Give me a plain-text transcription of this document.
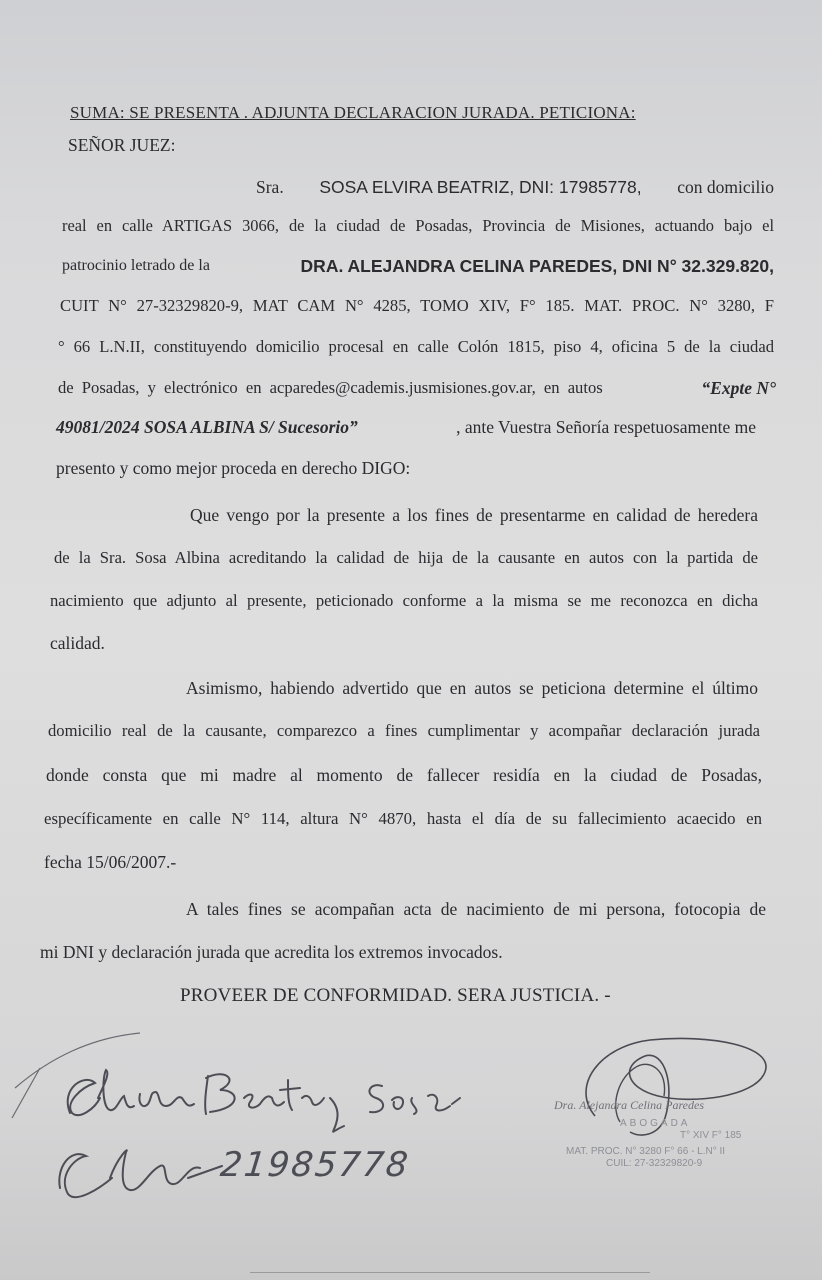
SUMA: SE PRESENTA . ADJUNTA DECLARACION JURADA. PETICIONA:
SEÑOR JUEZ:
Sra. SOSA ELVIRA BEATRIZ, DNI: 17985778, con domicilio
real en calle ARTIGAS 3066, de la ciudad de Posadas, Provincia de Misiones, actuando bajo el
patrocinio letrado de la	DRA. ALEJANDRA CELINA PAREDES, DNI N° 32.329.820,
CUIT N° 27-32329820-9, MAT CAM N° 4285, TOMO XIV, F° 185. MAT. PROC. N° 3280, F
° 66 L.N.II, constituyendo domicilio procesal en calle Colón 1815, piso 4, oficina 5 de la ciudad
de Posadas, y electrónico en acparedes@cademis.jusmisiones.gov.ar, en autos	“Expte N°
49081/2024 SOSA ALBINA S/ Sucesorio”	, ante Vuestra Señoría respetuosamente me
presento y como mejor proceda en derecho DIGO:
Que vengo por la presente a los fines de presentarme en calidad de heredera
de la Sra. Sosa Albina acreditando la calidad de hija de la causante en autos con la partida de
nacimiento que adjunto al presente, peticionado conforme a la misma se me reconozca en dicha
calidad.
Asimismo, habiendo advertido que en autos se peticiona determine el último
domicilio real de la causante, comparezco a fines cumplimentar y acompañar declaración jurada
donde consta que mi madre al momento de fallecer residía en la ciudad de Posadas,
específicamente en calle N° 114, altura N° 4870, hasta el día de su fallecimiento acaecido en
fecha 15/06/2007.-
A tales fines se acompañan acta de nacimiento de mi persona, fotocopia de
mi DNI y declaración jurada que acredita los extremos invocados.
PROVEER DE CONFORMIDAD. SERA JUSTICIA. -
21985778
Dra. Alejandra Celina Paredes
ABOGADA
T° XIV F° 185
MAT. PROC. N° 3280 F° 66 - L.N° II
CUIL: 27-32329820-9
